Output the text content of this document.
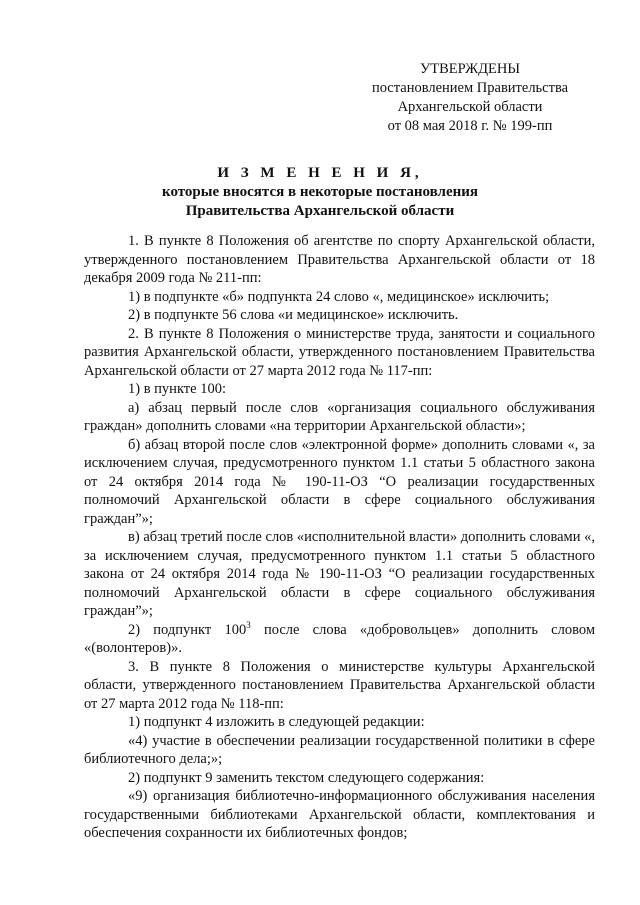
УТВЕРЖДЕНЫ
постановлением Правительства
Архангельской области
от 08 мая 2018 г. № 199-пп
И З М Е Н Е Н И Я,
которые вносятся в некоторые постановления
Правительства Архангельской области

1. В пункте 8 Положения об агентстве по спорту Архангельской области, утвержденного постановлением Правительства Архангельской области от 18 декабря 2009 года № 211-пп:

1) в подпункте «б» подпункта 24 слово «, медицинское» исключить;

2) в подпункте 56 слова «и медицинское» исключить.

2. В пункте 8 Положения о министерстве труда, занятости и социального развития Архангельской области, утвержденного постановлением Правительства Архангельской области от 27 марта 2012 года № 117-пп:

1) в пункте 100:

а) абзац первый после слов «организация социального обслуживания граждан» дополнить словами «на территории Архангельской области»;

б) абзац второй после слов «электронной форме» дополнить словами «, за исключением случая, предусмотренного пунктом 1.1 статьи 5 областного закона от 24 октября 2014 года № 190-11-ОЗ “О реализации государственных полномочий Архангельской области в сфере социального обслуживания граждан”»;

в) абзац третий после слов «исполнительной власти» дополнить словами «, за исключением случая, предусмотренного пунктом 1.1 статьи 5 областного закона от 24 октября 2014 года № 190-11-ОЗ “О реализации государственных полномочий Архангельской области в сфере социального обслуживания граждан”»;

2) подпункт $100^3$ после слова «добровольцев» дополнить словом «(волонтеров)».

3. В пункте 8 Положения о министерстве культуры Архангельской области, утвержденного постановлением Правительства Архангельской области от 27 марта 2012 года № 118-пп:

1) подпункт 4 изложить в следующей редакции:

«4) участие в обеспечении реализации государственной политики в сфере библиотечного дела;»;

2) подпункт 9 заменить текстом следующего содержания:

«9) организация библиотечно-информационного обслуживания населения государственными библиотеками Архангельской области, комплектования и обеспечения сохранности их библиотечных фондов;
